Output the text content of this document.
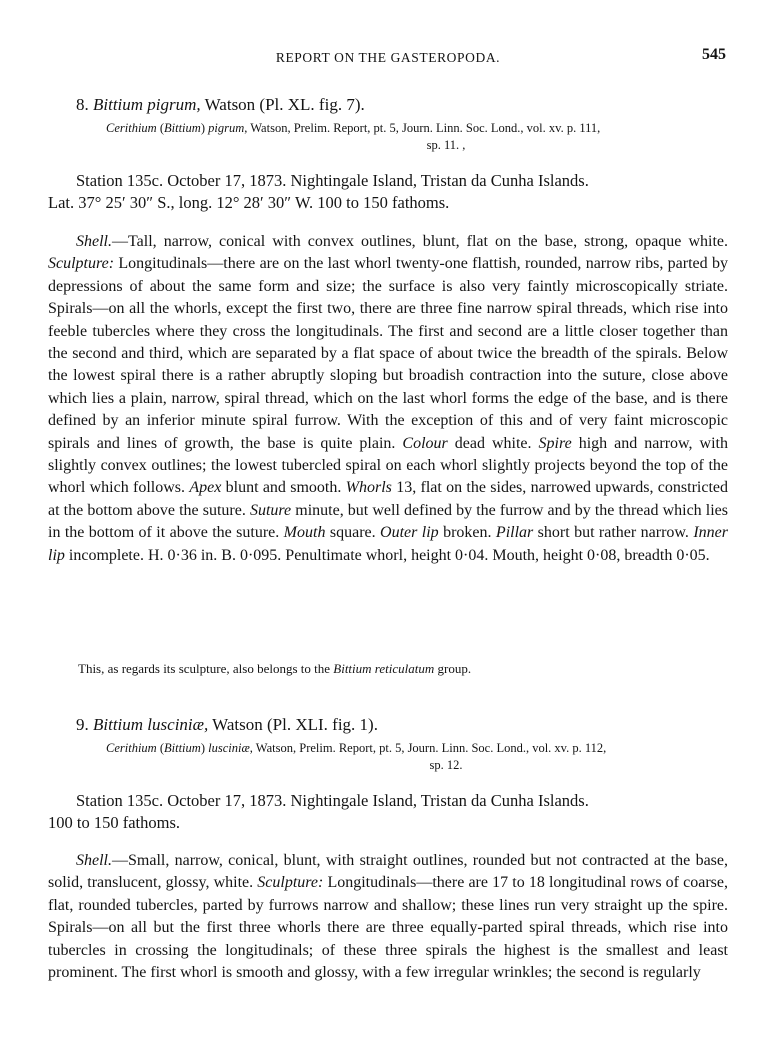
REPORT ON THE GASTEROPODA.	545
8. Bittium pigrum, Watson (Pl. XL. fig. 7).
Cerithium (Bittium) pigrum, Watson, Prelim. Report, pt. 5, Journ. Linn. Soc. Lond., vol. xv. p. 111,
sp. 11. ,
Station 135c. October 17, 1873. Nightingale Island, Tristan da Cunha Islands.
Lat. 37° 25′ 30″ S., long. 12° 28′ 30″ W. 100 to 150 fathoms.

Shell.—Tall, narrow, conical with convex outlines, blunt, flat on the base, strong, opaque white. Sculpture: Longitudinals—there are on the last whorl twenty-one flattish, rounded, narrow ribs, parted by depressions of about the same form and size; the surface is also very faintly microscopically striate. Spirals—on all the whorls, except the first two, there are three fine narrow spiral threads, which rise into feeble tubercles where they cross the longitudinals. The first and second are a little closer together than the second and third, which are separated by a flat space of about twice the breadth of the spirals. Below the lowest spiral there is a rather abruptly sloping but broadish contraction into the suture, close above which lies a plain, narrow, spiral thread, which on the last whorl forms the edge of the base, and is there defined by an inferior minute spiral furrow. With the exception of this and of very faint microscopic spirals and lines of growth, the base is quite plain. Colour dead white. Spire high and narrow, with slightly convex outlines; the lowest tubercled spiral on each whorl slightly projects beyond the top of the whorl which follows. Apex blunt and smooth. Whorls 13, flat on the sides, narrowed upwards, constricted at the bottom above the suture. Suture minute, but well defined by the furrow and by the thread which lies in the bottom of it above the suture. Mouth square. Outer lip broken. Pillar short but rather narrow. Inner lip incomplete. H. 0·36 in. B. 0·095. Penultimate whorl, height 0·04. Mouth, height 0·08, breadth 0·05.

This, as regards its sculpture, also belongs to the Bittium reticulatum group.
9. Bittium lusciniæ, Watson (Pl. XLI. fig. 1).
Cerithium (Bittium) lusciniæ, Watson, Prelim. Report, pt. 5, Journ. Linn. Soc. Lond., vol. xv. p. 112,
sp. 12.
Station 135c. October 17, 1873. Nightingale Island, Tristan da Cunha Islands.
100 to 150 fathoms.

Shell.—Small, narrow, conical, blunt, with straight outlines, rounded but not contracted at the base, solid, translucent, glossy, white. Sculpture: Longitudinals—there are 17 to 18 longitudinal rows of coarse, flat, rounded tubercles, parted by furrows narrow and shallow; these lines run very straight up the spire. Spirals—on all but the first three whorls there are three equally-parted spiral threads, which rise into tubercles in crossing the longitudinals; of these three spirals the highest is the smallest and least prominent. The first whorl is smooth and glossy, with a few irregular wrinkles; the second is regularly
